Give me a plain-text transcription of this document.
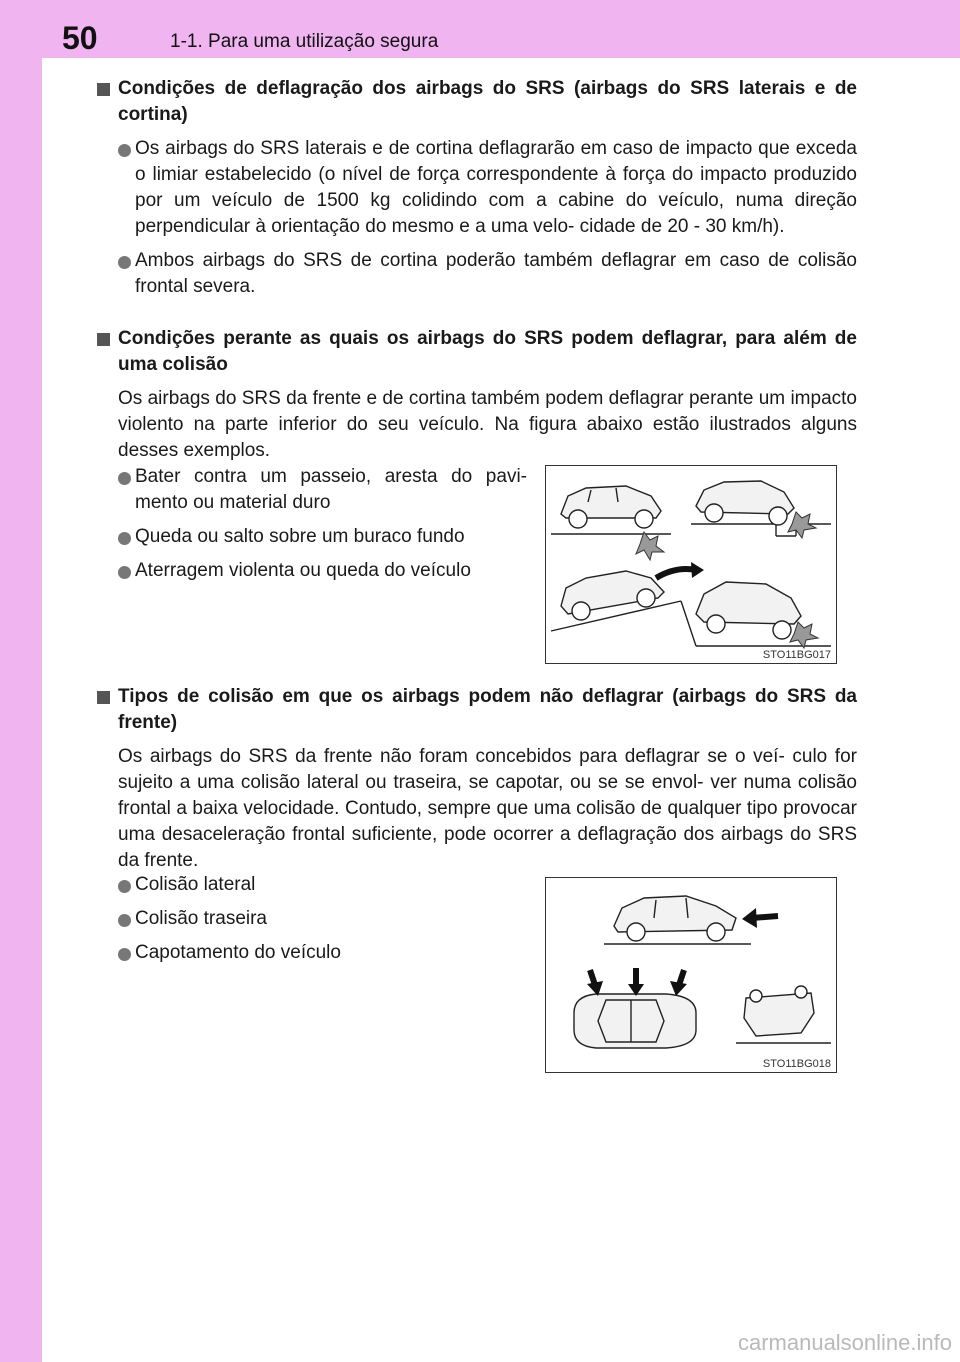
50	1-1. Para uma utilização segura
Condições de deflagração dos airbags do SRS (airbags do SRS laterais e de cortina)
Os airbags do SRS laterais e de cortina deflagrarão em caso de impacto que exceda o limiar estabelecido (o nível de força correspondente à força do impacto produzido por um veículo de 1500 kg colidindo com a cabine do veículo, numa direção perpendicular à orientação do mesmo e a uma velo- cidade de 20 - 30 km/h).
Ambos airbags do SRS de cortina poderão também deflagrar em caso de colisão frontal severa.
Condições perante as quais os airbags do SRS podem deflagrar, para além de uma colisão
Os airbags do SRS da frente e de cortina também podem deflagrar perante um impacto violento na parte inferior do seu veículo. Na figura abaixo estão ilustrados alguns desses exemplos.
Bater contra um passeio, aresta do pavi- mento ou material duro
Queda ou salto sobre um buraco fundo
Aterragem violenta ou queda do veículo
STO11BG017
Tipos de colisão em que os airbags podem não deflagrar (airbags do SRS da frente)
Os airbags do SRS da frente não foram concebidos para deflagrar se o veí- culo for sujeito a uma colisão lateral ou traseira, se capotar, ou se se envol- ver numa colisão frontal a baixa velocidade. Contudo, sempre que uma colisão de qualquer tipo provocar uma desaceleração frontal suficiente, pode ocorrer a deflagração dos airbags do SRS da frente.
Colisão lateral
Colisão traseira
Capotamento do veículo
STO11BG018
carmanualsonline.info
